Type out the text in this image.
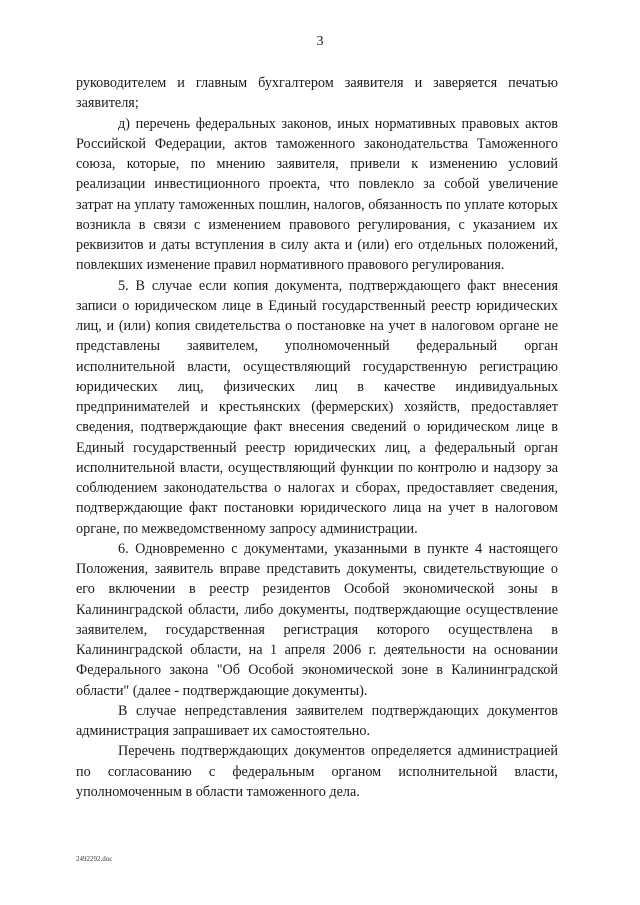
3

руководителем и главным бухгалтером заявителя и заверяется печатью заявителя;

д) перечень федеральных законов, иных нормативных правовых актов Российской Федерации, актов таможенного законодательства Таможенного союза, которые, по мнению заявителя, привели к изменению условий реализации инвестиционного проекта, что повлекло за собой увеличение затрат на уплату таможенных пошлин, налогов, обязанность по уплате которых возникла в связи с изменением правового регулирования, с указанием их реквизитов и даты вступления в силу акта и (или) его отдельных положений, повлекших изменение правил нормативного правового регулирования.

5. В случае если копия документа, подтверждающего факт внесения записи о юридическом лице в Единый государственный реестр юридических лиц, и (или) копия свидетельства о постановке на учет в налоговом органе не представлены заявителем, уполномоченный федеральный орган исполнительной власти, осуществляющий государственную регистрацию юридических лиц, физических лиц в качестве индивидуальных предпринимателей и крестьянских (фермерских) хозяйств, предоставляет сведения, подтверждающие факт внесения сведений о юридическом лице в Единый государственный реестр юридических лиц, а федеральный орган исполнительной власти, осуществляющий функции по контролю и надзору за соблюдением законодательства о налогах и сборах, предоставляет сведения, подтверждающие факт постановки юридического лица на учет в налоговом органе, по межведомственному запросу администрации.

6. Одновременно с документами, указанными в пункте 4 настоящего Положения, заявитель вправе представить документы, свидетельствующие о его включении в реестр резидентов Особой экономической зоны в Калининградской области, либо документы, подтверждающие осуществление заявителем, государственная регистрация которого осуществлена в Калининградской области, на 1 апреля 2006 г. деятельности на основании Федерального закона "Об Особой экономической зоне в Калининградской области" (далее - подтверждающие документы).

В случае непредставления заявителем подтверждающих документов администрация запрашивает их самостоятельно.

Перечень подтверждающих документов определяется администрацией по согласованию с федеральным органом исполнительной власти, уполномоченным в области таможенного дела.

2492292.doc
